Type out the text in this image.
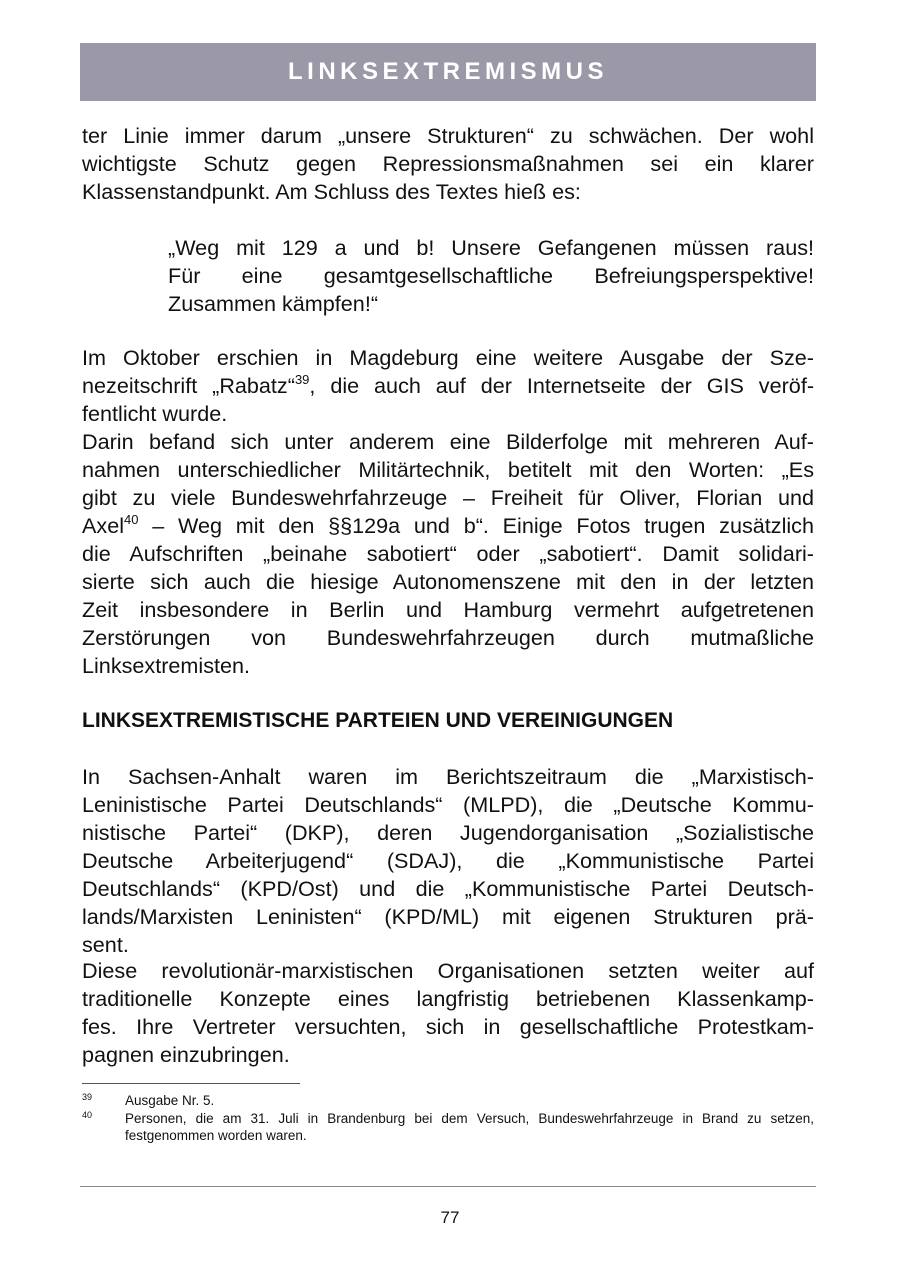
LINKSEXTREMISMUS
ter Linie immer darum „unsere Strukturen“ zu schwächen. Der wohl
wichtigste Schutz gegen Repressionsmaßnahmen sei ein klarer
Klassenstandpunkt. Am Schluss des Textes hieß es:
„Weg mit 129 a und b! Unsere Gefangenen müssen raus!
Für eine gesamtgesellschaftliche Befreiungsperspektive!
Zusammen kämpfen!“
Im Oktober erschien in Magdeburg eine weitere Ausgabe der Sze-
nezeitschrift „Rabatz“$^{39}$, die auch auf der Internetseite der GIS veröf-
fentlicht wurde.
Darin befand sich unter anderem eine Bilderfolge mit mehreren Auf-
nahmen unterschiedlicher Militärtechnik, betitelt mit den Worten: „Es
gibt zu viele Bundeswehrfahrzeuge – Freiheit für Oliver, Florian und
Axel$^{40}$ – Weg mit den §§129a und b“. Einige Fotos trugen zusätzlich
die Aufschriften „beinahe sabotiert“ oder „sabotiert“. Damit solidari-
sierte sich auch die hiesige Autonomenszene mit den in der letzten
Zeit insbesondere in Berlin und Hamburg vermehrt aufgetretenen
Zerstörungen von Bundeswehrfahrzeugen durch mutmaßliche
Linksextremisten.
LINKSEXTREMISTISCHE PARTEIEN UND VEREINIGUNGEN
In Sachsen-Anhalt waren im Berichtszeitraum die „Marxistisch-
Leninistische Partei Deutschlands“ (MLPD), die „Deutsche Kommu-
nistische Partei“ (DKP), deren Jugendorganisation „Sozialistische
Deutsche Arbeiterjugend“ (SDAJ), die „Kommunistische Partei
Deutschlands“ (KPD/Ost) und die „Kommunistische Partei Deutsch-
lands/Marxisten Leninisten“ (KPD/ML) mit eigenen Strukturen prä-
sent.
Diese revolutionär-marxistischen Organisationen setzten weiter auf
traditionelle Konzepte eines langfristig betriebenen Klassenkamp-
fes. Ihre Vertreter versuchten, sich in gesellschaftliche Protestkam-
pagnen einzubringen.
39 Ausgabe Nr. 5.
40 Personen, die am 31. Juli in Brandenburg bei dem Versuch, Bundeswehrfahrzeuge in Brand zu setzen,
festgenommen worden waren.
77
